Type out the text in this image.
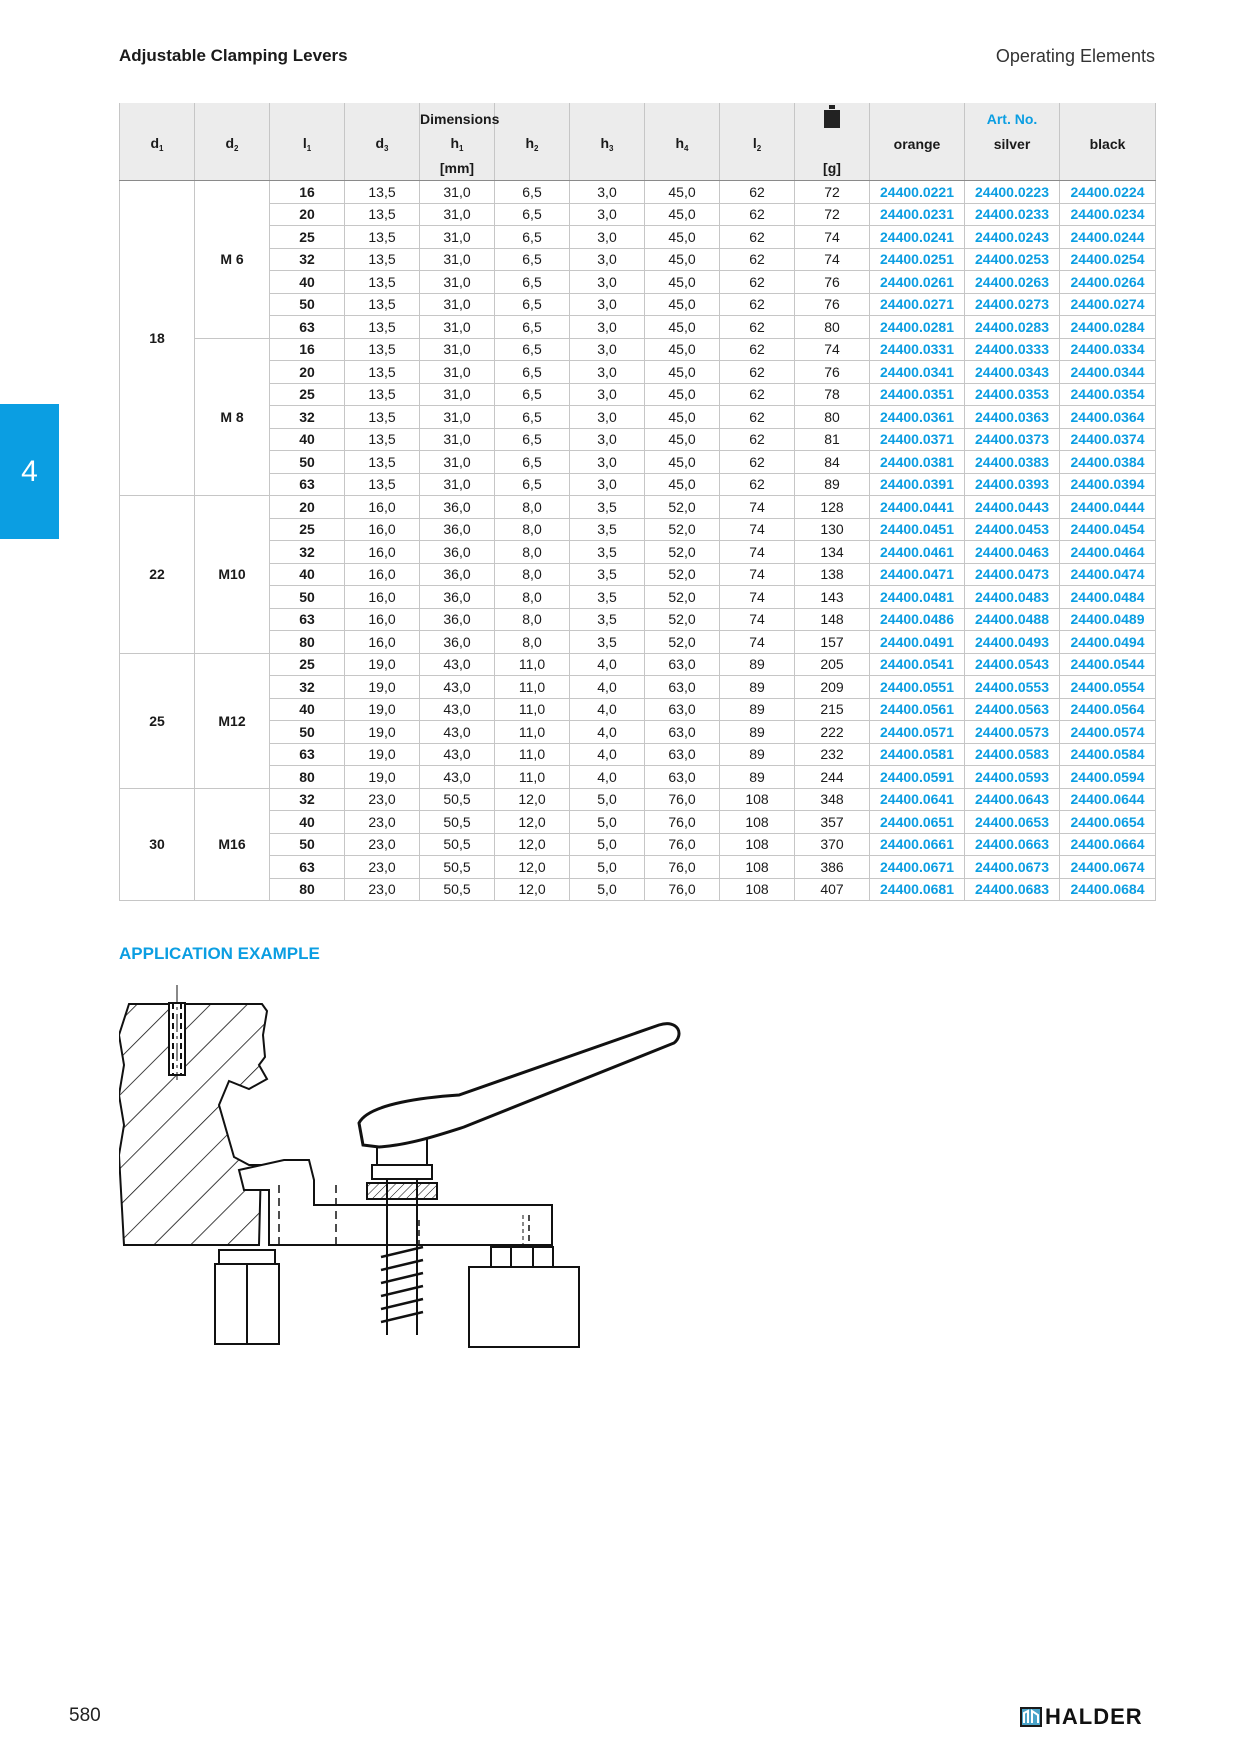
Adjustable Clamping Levers	Operating Elements
4
				Dimensions							Art. No.	
$d_1$	$d_2$	$l_1$	$d_3$	$h_1$	$h_2$	$h_3$	$h_4$	$l_2$		orange	silver	black
				[mm]					[g]			
18	M 6	16	13,5	31,0	6,5	3,0	45,0	62	72	24400.0221	24400.0223	24400.0224
		20	13,5	31,0	6,5	3,0	45,0	62	72	24400.0231	24400.0233	24400.0234
		25	13,5	31,0	6,5	3,0	45,0	62	74	24400.0241	24400.0243	24400.0244
		32	13,5	31,0	6,5	3,0	45,0	62	74	24400.0251	24400.0253	24400.0254
		40	13,5	31,0	6,5	3,0	45,0	62	76	24400.0261	24400.0263	24400.0264
		50	13,5	31,0	6,5	3,0	45,0	62	76	24400.0271	24400.0273	24400.0274
		63	13,5	31,0	6,5	3,0	45,0	62	80	24400.0281	24400.0283	24400.0284
	M 8	16	13,5	31,0	6,5	3,0	45,0	62	74	24400.0331	24400.0333	24400.0334
		20	13,5	31,0	6,5	3,0	45,0	62	76	24400.0341	24400.0343	24400.0344
		25	13,5	31,0	6,5	3,0	45,0	62	78	24400.0351	24400.0353	24400.0354
		32	13,5	31,0	6,5	3,0	45,0	62	80	24400.0361	24400.0363	24400.0364
		40	13,5	31,0	6,5	3,0	45,0	62	81	24400.0371	24400.0373	24400.0374
		50	13,5	31,0	6,5	3,0	45,0	62	84	24400.0381	24400.0383	24400.0384
		63	13,5	31,0	6,5	3,0	45,0	62	89	24400.0391	24400.0393	24400.0394
22	M10	20	16,0	36,0	8,0	3,5	52,0	74	128	24400.0441	24400.0443	24400.0444
		25	16,0	36,0	8,0	3,5	52,0	74	130	24400.0451	24400.0453	24400.0454
		32	16,0	36,0	8,0	3,5	52,0	74	134	24400.0461	24400.0463	24400.0464
		40	16,0	36,0	8,0	3,5	52,0	74	138	24400.0471	24400.0473	24400.0474
		50	16,0	36,0	8,0	3,5	52,0	74	143	24400.0481	24400.0483	24400.0484
		63	16,0	36,0	8,0	3,5	52,0	74	148	24400.0486	24400.0488	24400.0489
		80	16,0	36,0	8,0	3,5	52,0	74	157	24400.0491	24400.0493	24400.0494
25	M12	25	19,0	43,0	11,0	4,0	63,0	89	205	24400.0541	24400.0543	24400.0544
		32	19,0	43,0	11,0	4,0	63,0	89	209	24400.0551	24400.0553	24400.0554
		40	19,0	43,0	11,0	4,0	63,0	89	215	24400.0561	24400.0563	24400.0564
		50	19,0	43,0	11,0	4,0	63,0	89	222	24400.0571	24400.0573	24400.0574
		63	19,0	43,0	11,0	4,0	63,0	89	232	24400.0581	24400.0583	24400.0584
		80	19,0	43,0	11,0	4,0	63,0	89	244	24400.0591	24400.0593	24400.0594
30	M16	32	23,0	50,5	12,0	5,0	76,0	108	348	24400.0641	24400.0643	24400.0644
		40	23,0	50,5	12,0	5,0	76,0	108	357	24400.0651	24400.0653	24400.0654
		50	23,0	50,5	12,0	5,0	76,0	108	370	24400.0661	24400.0663	24400.0664
		63	23,0	50,5	12,0	5,0	76,0	108	386	24400.0671	24400.0673	24400.0674
		80	23,0	50,5	12,0	5,0	76,0	108	407	24400.0681	24400.0683	24400.0684
APPLICATION EXAMPLE
580	HALDER
